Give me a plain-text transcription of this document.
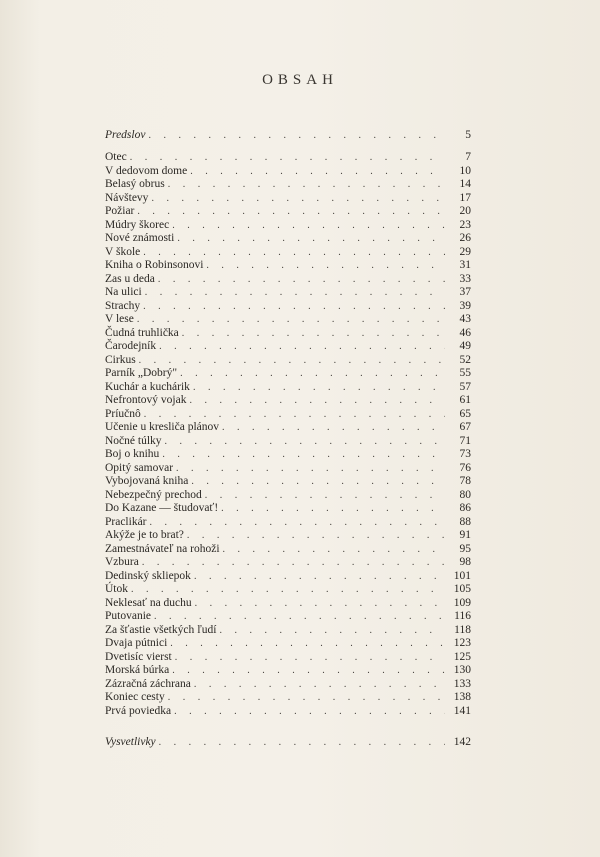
OBSAH
Predslov . . .	5
Otec . . .	7
V dedovom dome . . .	10
Belasý obrus . . .	14
Návštevy . . .	17
Požiar . . .	20
Múdry škorec . . .	23
Nové známosti . . .	26
V škole . . .	29
Kniha o Robinsonovi . . .	31
Zas u deda . . .	33
Na ulici . . .	37
Strachy . . .	39
V lese . . .	43
Čudná truhlička . . .	46
Čarodejník . . .	49
Cirkus . . .	52
Parník „Dobrý" . . .	55
Kuchár a kuchárik . . .	57
Nefrontový vojak . . .	61
Príučnô . . .	65
Učenie u kresliča plánov . . .	67
Nočné túlky . . .	71
Boj o knihu . . .	73
Opitý samovar . . .	76
Vybojovaná kniha . . .	78
Nebezpečný prechod . . .	80
Do Kazane — študovať! . . .	86
Praclikár . . .	88
Akýže je to brat? . . .	91
Zamestnávateľ na rohoži . . .	95
Vzbura . . .	98
Dedinský skliepok . . .	101
Útok . . .	105
Neklesať na duchu . . .	109
Putovanie . . .	116
Za šťastie všetkých ľudí . . .	118
Dvaja pútnici . . .	123
Dvetisíc vierst . . .	125
Morská búrka . . .	130
Zázračná záchrana . . .	133
Koniec cesty . . .	138
Prvá poviedka . . .	141
Vysvetlivky . . .	142
